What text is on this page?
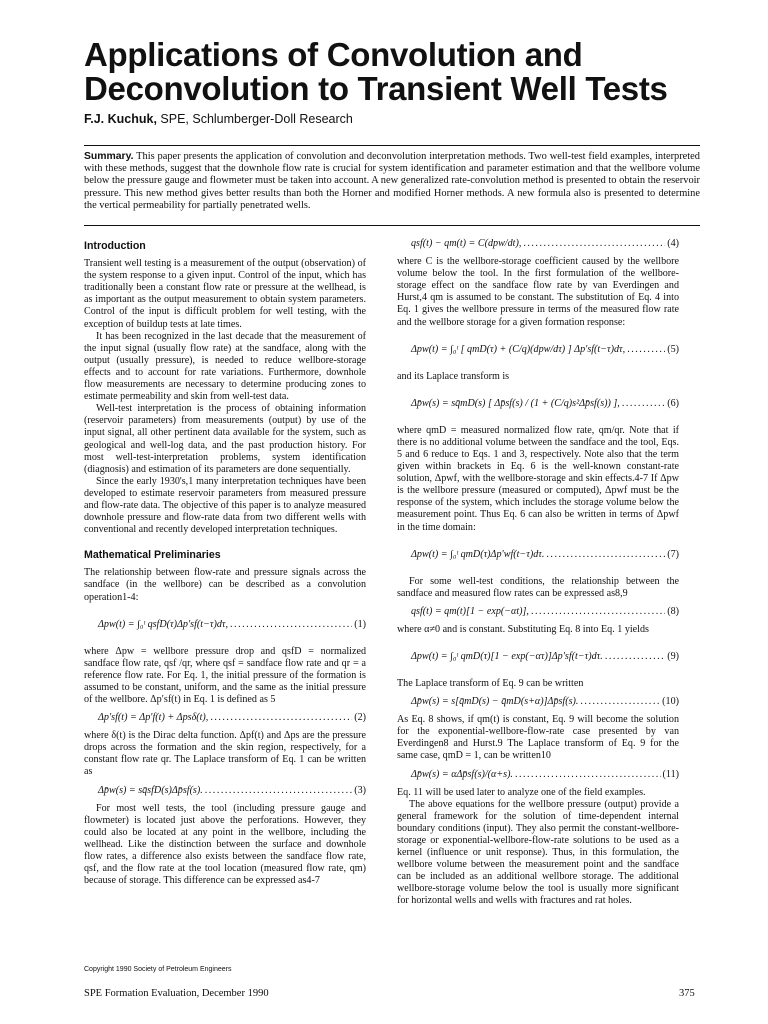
Applications of Convolution and Deconvolution to Transient Well Tests
F.J. Kuchuk, SPE, Schlumberger-Doll Research
Summary. This paper presents the application of convolution and deconvolution interpretation methods. Two well-test field examples, interpreted with these methods, suggest that the downhole flow rate is crucial for system identification and parameter estimation and that the wellbore volume below the pressure gauge and flowmeter must be taken into account. A new generalized rate-convolution method is presented to obtain the reservoir pressure. This new method gives better results than both the Horner and modified Horner methods. A new formula also is presented to determine the vertical permeability for partially penetrated wells.
Introduction

Transient well testing is a measurement of the output (observation) of the system response to a given input. Control of the input, which has traditionally been a constant flow rate or pressure at the wellhead, is as important as the output measurement to obtain system parameters. Control of the input is difficult problem for well testing, with the exception of buildup tests at late times.

It has been recognized in the last decade that the measurement of the input signal (usually flow rate) at the sandface, along with the output (usually pressure), is needed to reduce wellbore-storage effects and to account for rate variations. Furthermore, downhole flow measurements are necessary to determine producing zones to estimate permeability and skin from well-test data.

Well-test interpretation is the process of obtaining information (reservoir parameters) from measurements (output) by use of the input signal, all other pertinent data available for the system, such as geological and well-log data, and the past production history. For most well-test-interpretation problems, system identification (diagnosis) and estimation of its parameters are done sequentially.

Since the early 1930's,1 many interpretation techniques have been developed to estimate reservoir parameters from measured pressure and flow-rate data. The objective of this paper is to analyze measured downhole pressure and flow-rate data from two different wells with conventional and recently developed interpretation techniques.

Mathematical Preliminaries

The relationship between flow-rate and pressure signals across the sandface (in the wellbore) can be described as a convolution operation1-4:

Δpw(t) = ∫₀ᵗ qsfD(τ)Δp′sf(t−τ)dτ, .....	(1)

where Δpw = wellbore pressure drop and qsfD = normalized sandface flow rate, qsf /qr, where qsf = sandface flow rate and qr = a reference flow rate. For Eq. 1, the initial pressure of the formation is assumed to be constant, uniform, and the same as the initial pressure of the wellbore. Δp′sf(t) in Eq. 1 is defined as 5

Δp′sf(t) = Δp′f(t) + Δpsδ(t), .....	(2)

where δ(t) is the Dirac delta function. Δpf(t) and Δps are the pressure drops across the formation and the skin region, respectively, for a constant flow rate qr. The Laplace transform of Eq. 1 can be written as

Δp̄w(s) = sq̄sfD(s)Δp̄sf(s). .....	(3)

For most well tests, the tool (including pressure gauge and flowmeter) is located just above the perforations. However, they could also be located at any point in the wellbore, including the wellhead. Like the distinction between the surface and downhole flow rates, a difference also exists between the sandface flow rate, qsf, and the flow rate at the tool location (measured flow rate, qm) because of storage. This difference can be expressed as4-7

qsf(t) − qm(t) = C(dpw/dt), .....	(4)

where C is the wellbore-storage coefficient caused by the wellbore volume below the tool. In the first formulation of the wellbore-storage effect on the sandface flow rate by van Everdingen and Hurst,4 qm is assumed to be constant. The substitution of Eq. 4 into Eq. 1 gives the wellbore pressure in terms of the measured flow rate and the wellbore storage for a given formation response:

Δpw(t) = ∫₀ᵗ [ qmD(τ) + (C/q)(dpw/dτ) ] Δp′sf(t−τ)dτ, .....	(5)

and its Laplace transform is

Δp̄w(s) = sq̄mD(s) [ Δp̄sf(s) / (1 + (C/q)s²Δp̄sf(s)) ], .....	(6)

where qmD = measured normalized flow rate, qm/qr. Note that if there is no additional volume between the sandface and the tool, Eqs. 5 and 6 reduce to Eqs. 1 and 3, respectively. Note also that the term given within brackets in Eq. 6 is the well-known constant-rate solution, Δpwf, with the wellbore-storage and skin effects.4-7 If Δpw is the wellbore pressure (measured or computed), Δpwf must be the response of the system, which includes the storage volume below the measurement point. Thus Eq. 6 can also be written in terms of Δpwf in the time domain:

Δpw(t) = ∫₀ᵗ qmD(τ)Δp′wf(t−τ)dτ. .....	(7)

For some well-test conditions, the relationship between the sandface and measured flow rates can be expressed as8,9

qsf(t) = qm(t)[1 − exp(−αt)], .....	(8)

where α≠0 and is constant. Substituting Eq. 8 into Eq. 1 yields

Δpw(t) = ∫₀ᵗ qmD(τ)[1 − exp(−ατ)]Δp′sf(t−τ)dτ. .....	(9)

The Laplace transform of Eq. 9 can be written

Δp̄w(s) = s[q̄mD(s) − q̄mD(s+α)]Δp̄sf(s). .....	(10)

As Eq. 8 shows, if qm(t) is constant, Eq. 9 will become the solution for the exponential-wellbore-flow-rate case presented by van Everdingen8 and Hurst.9 The Laplace transform of Eq. 9 for the same case, qmD = 1, can be written10

Δp̄w(s) = αΔp̄sf(s)/(α+s). .....	(11)

Eq. 11 will be used later to analyze one of the field examples.

The above equations for the wellbore pressure (output) provide a general framework for the solution of time-dependent internal boundary conditions (input). They also permit the constant-wellbore-storage or exponential-wellbore-flow-rate solutions to be used as a kernel (influence or unit response). Thus, in this formulation, the wellbore volume between the measurement point and the sandface can be included as an additional wellbore storage. The additional wellbore-storage volume below the tool is usually more significant for horizontal wells and wells with fractures and rat holes.

Copyright 1990 Society of Petroleum Engineers
SPE Formation Evaluation, December 1990	375
